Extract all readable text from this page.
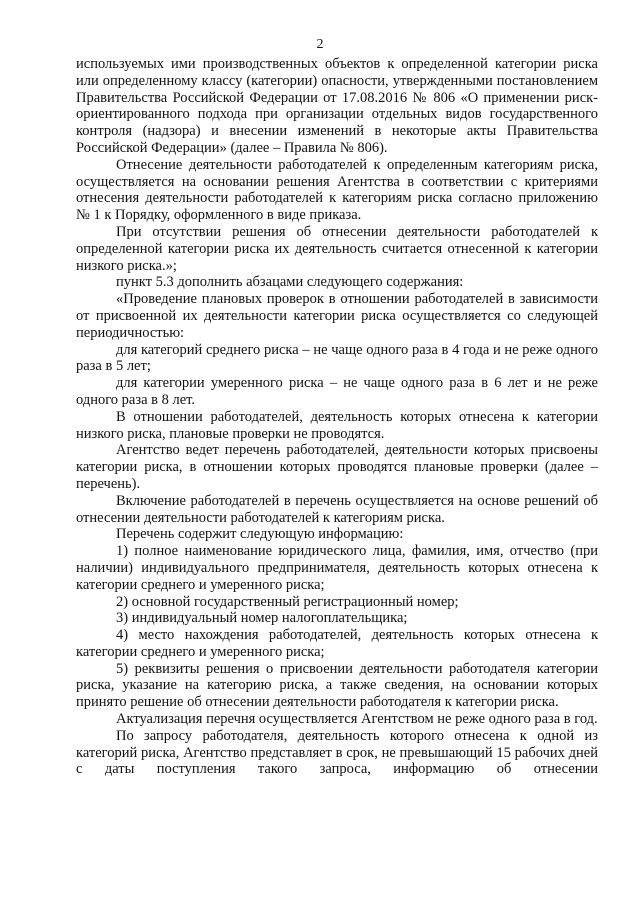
2

используемых ими производственных объектов к определенной категории риска или определенному классу (категории) опасности, утвержденными постановлением Правительства Российской Федерации от 17.08.2016 № 806 «О применении риск-ориентированного подхода при организации отдельных видов государственного контроля (надзора) и внесении изменений в некоторые акты Правительства Российской Федерации» (далее – Правила № 806).

Отнесение деятельности работодателей к определенным категориям риска, осуществляется на основании решения Агентства в соответствии с критериями отнесения деятельности работодателей к категориям риска согласно приложению № 1 к Порядку, оформленного в виде приказа.

При отсутствии решения об отнесении деятельности работодателей к определенной категории риска их деятельность считается отнесенной к категории низкого риска.»;

пункт 5.3 дополнить абзацами следующего содержания:

«Проведение плановых проверок в отношении работодателей в зависимости от присвоенной их деятельности категории риска осуществляется со следующей периодичностью:

для категорий среднего риска – не чаще одного раза в 4 года и не реже одного раза в 5 лет;

для категории умеренного риска – не чаще одного раза в 6 лет и не реже одного раза в 8 лет.

В отношении работодателей, деятельность которых отнесена к категории низкого риска, плановые проверки не проводятся.

Агентство ведет перечень работодателей, деятельности которых присвоены категории риска, в отношении которых проводятся плановые проверки (далее – перечень).

Включение работодателей в перечень осуществляется на основе решений об отнесении деятельности работодателей к категориям риска.

Перечень содержит следующую информацию:

1) полное наименование юридического лица, фамилия, имя, отчество (при наличии) индивидуального предпринимателя, деятельность которых отнесена к категории среднего и умеренного риска;

2) основной государственный регистрационный номер;

3) индивидуальный номер налогоплательщика;

4) место нахождения работодателей, деятельность которых отнесена к категории среднего и умеренного риска;

5) реквизиты решения о присвоении деятельности работодателя категории риска, указание на категорию риска, а также сведения, на основании которых принято решение об отнесении деятельности работодателя к категории риска.

Актуализация перечня осуществляется Агентством не реже одного раза в год.

По запросу работодателя, деятельность которого отнесена к одной из категорий риска, Агентство представляет в срок, не превышающий 15 рабочих дней с даты поступления такого запроса, информацию об отнесении
